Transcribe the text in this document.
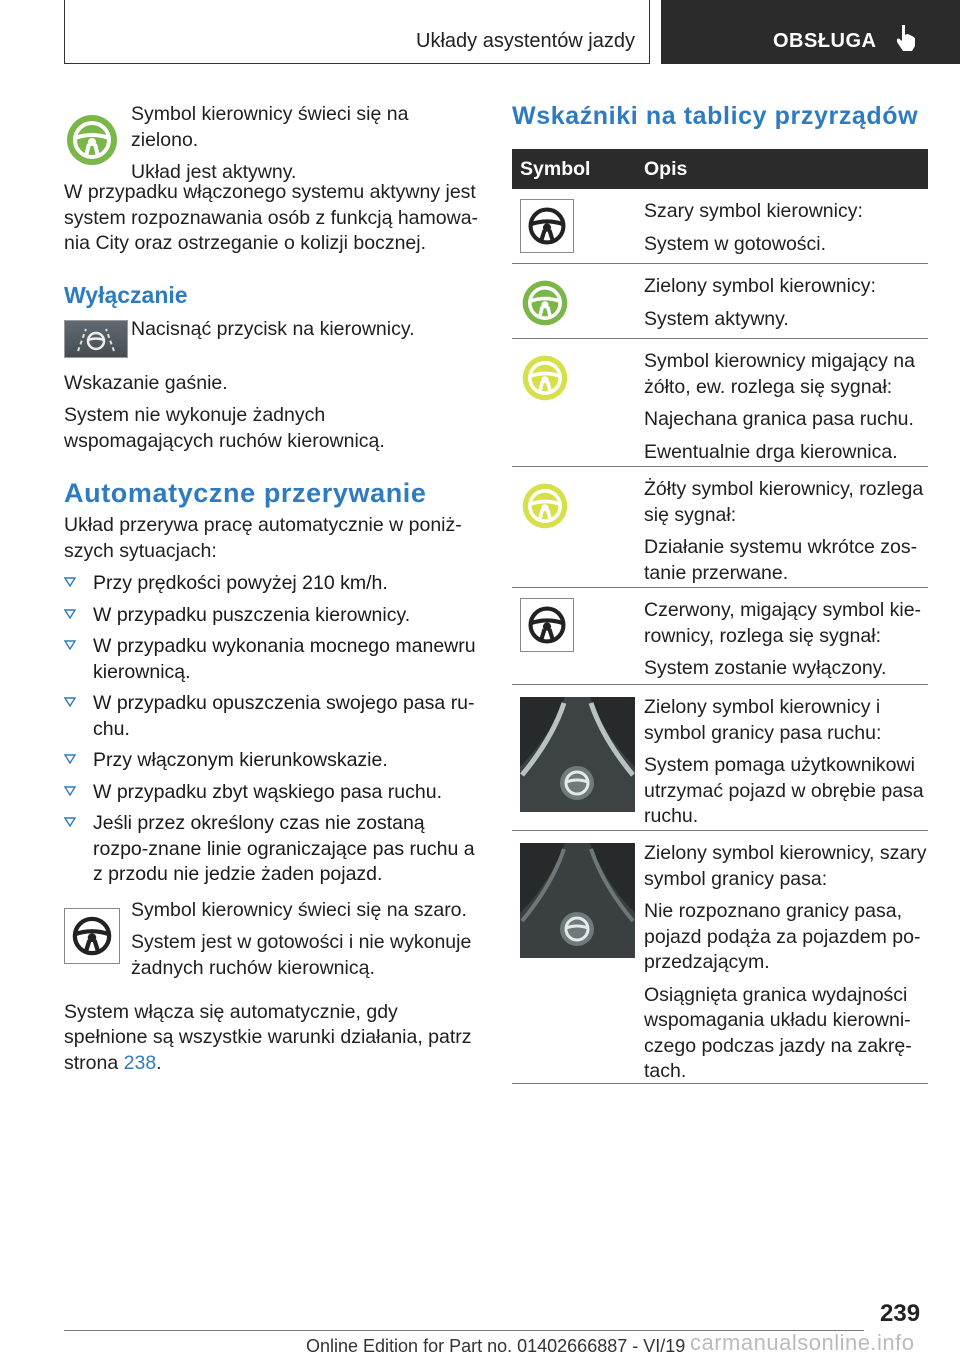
Układy asystentów jazdy	OBSŁUGA

Symbol kierownicy świeci się na zielono.

Układ jest aktywny.

W przypadku włączonego systemu aktywny jest system rozpoznawania osób z funkcją hamowa-nia City oraz ostrzeganie o kolizji bocznej.

Wyłączanie

Nacisnąć przycisk na kierownicy.

Wskazanie gaśnie.

System nie wykonuje żadnych wspomagających ruchów kierownicą.

Automatyczne przerywanie

Układ przerywa pracę automatycznie w poniż-szych sytuacjach:

Przy prędkości powyżej 210 km/h.
W przypadku puszczenia kierownicy.
W przypadku wykonania mocnego manewru kierownicą.
W przypadku opuszczenia swojego pasa ru-chu.
Przy włączonym kierunkowskazie.
W przypadku zbyt wąskiego pasa ruchu.
Jeśli przez określony czas nie zostaną rozpo-znane linie ograniczające pas ruchu a z przodu nie jedzie żaden pojazd.

Symbol kierownicy świeci się na szaro.

System jest w gotowości i nie wykonuje żadnych ruchów kierownicą.

System włącza się automatycznie, gdy spełnione są wszystkie warunki działania, patrz strona 238.

Wskaźniki na tablicy przyrządów
Symbol	Opis

Szary symbol kierownicy:

System w gotowości.

Zielony symbol kierownicy:

System aktywny.

Symbol kierownicy migający na żółto, ew. rozlega się sygnał:

Najechana granica pasa ruchu.

Ewentualnie drga kierownica.

Żółty symbol kierownicy, rozlega się sygnał:

Działanie systemu wkrótce zos-tanie przerwane.

Czerwony, migający symbol kie-rownicy, rozlega się sygnał:

System zostanie wyłączony.

Zielony symbol kierownicy i symbol granicy pasa ruchu:

System pomaga użytkownikowi utrzymać pojazd w obrębie pasa ruchu.

Zielony symbol kierownicy, szary symbol granicy pasa:

Nie rozpoznano granicy pasa, pojazd podąża za pojazdem po-przedzającym.

Osiągnięta granica wydajności wspomagania układu kierowni-czego podczas jazdy na zakrę-tach.

239
Online Edition for Part no. 01402666887 - VI/19 carmanualsonline.info
